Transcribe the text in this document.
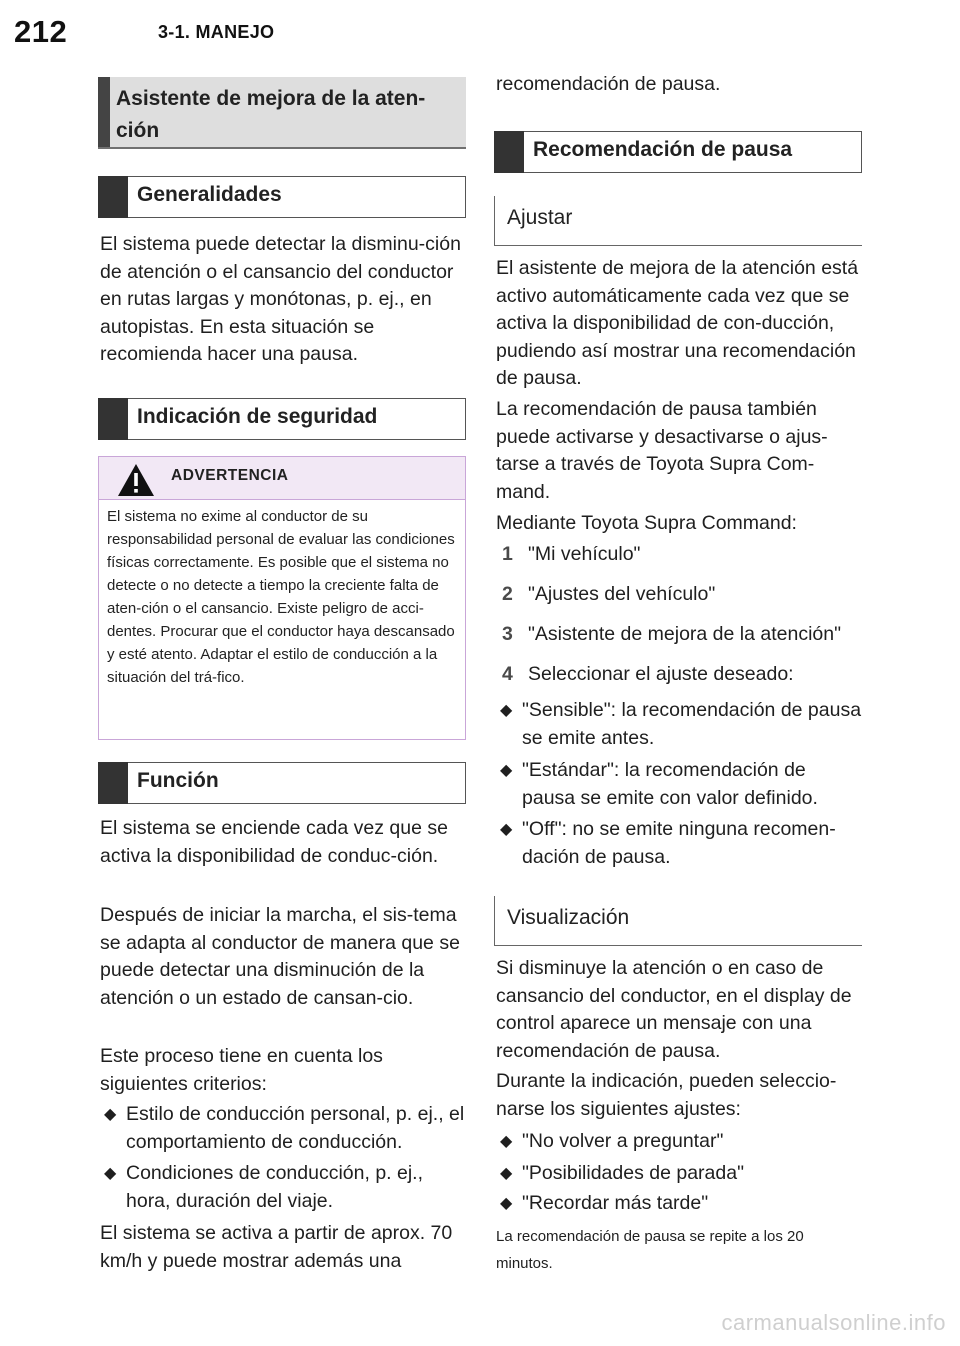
212	3-1. MANEJO
Asistente de mejora de la aten-ción
Generalidades
El sistema puede detectar la disminu-ción de atención o el cansancio del conductor en rutas largas y monótonas, p. ej., en autopistas. En esta situación se recomienda hacer una pausa.
Indicación de seguridad
ADVERTENCIA
El sistema no exime al conductor de su responsabilidad personal de evaluar las condiciones físicas correctamente. Es posible que el sistema no detecte o no detecte a tiempo la creciente falta de aten-ción o el cansancio. Existe peligro de acci-dentes. Procurar que el conductor haya descansado y esté atento. Adaptar el estilo de conducción a la situación del trá-fico.
Función
El sistema se enciende cada vez que se activa la disponibilidad de conduc-ción.
Después de iniciar la marcha, el sis-tema se adapta al conductor de manera que se puede detectar una disminución de la atención o un estado de cansan-cio.
Este proceso tiene en cuenta los siguientes criterios:
◆ Estilo de conducción personal, p. ej., el comportamiento de conducción.
◆ Condiciones de conducción, p. ej., hora, duración del viaje.
El sistema se activa a partir de aprox. 70 km/h y puede mostrar además una
recomendación de pausa.
Recomendación de pausa
Ajustar
El asistente de mejora de la atención está activo automáticamente cada vez que se activa la disponibilidad de con-ducción, pudiendo así mostrar una recomendación de pausa.
La recomendación de pausa también puede activarse y desactivarse o ajus-tarse a través de Toyota Supra Com-mand.
Mediante Toyota Supra Command:
1 "Mi vehículo"
2 "Ajustes del vehículo"
3 "Asistente de mejora de la atención"
4 Seleccionar el ajuste deseado:
◆ "Sensible": la recomendación de pausa se emite antes.
◆ "Estándar": la recomendación de pausa se emite con valor definido.
◆ "Off": no se emite ninguna recomen-dación de pausa.
Visualización
Si disminuye la atención o en caso de cansancio del conductor, en el display de control aparece un mensaje con una recomendación de pausa.
Durante la indicación, pueden seleccio-narse los siguientes ajustes:
◆ "No volver a preguntar"
◆ "Posibilidades de parada"
◆ "Recordar más tarde"
La recomendación de pausa se repite a los 20 minutos.
carmanualsonline.info
